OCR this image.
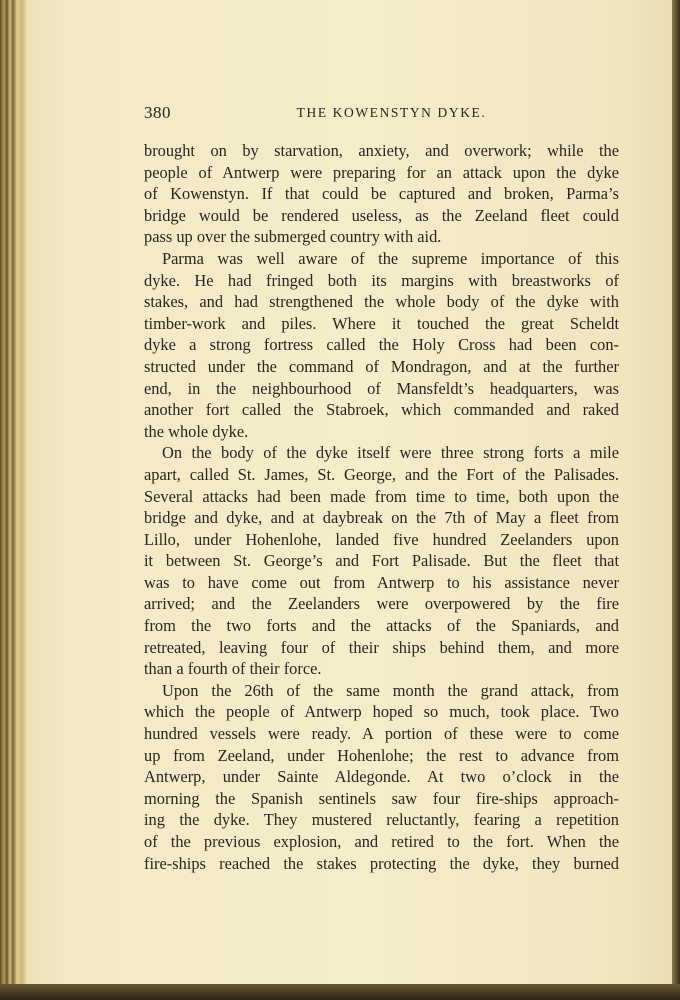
380	THE KOWENSTYN DYKE.
brought on by starvation, anxiety, and overwork; while the
people of Antwerp were preparing for an attack upon the dyke
of Kowenstyn. If that could be captured and broken, Parma’s
bridge would be rendered useless, as the Zeeland fleet could
pass up over the submerged country with aid.
Parma was well aware of the supreme importance of this
dyke. He had fringed both its margins with breastworks of
stakes, and had strengthened the whole body of the dyke with
timber-work and piles. Where it touched the great Scheldt
dyke a strong fortress called the Holy Cross had been con-
structed under the command of Mondragon, and at the further
end, in the neighbourhood of Mansfeldt’s headquarters, was
another fort called the Stabroek, which commanded and raked
the whole dyke.
On the body of the dyke itself were three strong forts a mile
apart, called St. James, St. George, and the Fort of the Palisades.
Several attacks had been made from time to time, both upon the
bridge and dyke, and at daybreak on the 7th of May a fleet from
Lillo, under Hohenlohe, landed five hundred Zeelanders upon
it between St. George’s and Fort Palisade. But the fleet that
was to have come out from Antwerp to his assistance never
arrived; and the Zeelanders were overpowered by the fire
from the two forts and the attacks of the Spaniards, and
retreated, leaving four of their ships behind them, and more
than a fourth of their force.
Upon the 26th of the same month the grand attack, from
which the people of Antwerp hoped so much, took place. Two
hundred vessels were ready. A portion of these were to come
up from Zeeland, under Hohenlohe; the rest to advance from
Antwerp, under Sainte Aldegonde. At two o’clock in the
morning the Spanish sentinels saw four fire-ships approach-
ing the dyke. They mustered reluctantly, fearing a repetition
of the previous explosion, and retired to the fort. When the
fire-ships reached the stakes protecting the dyke, they burned
